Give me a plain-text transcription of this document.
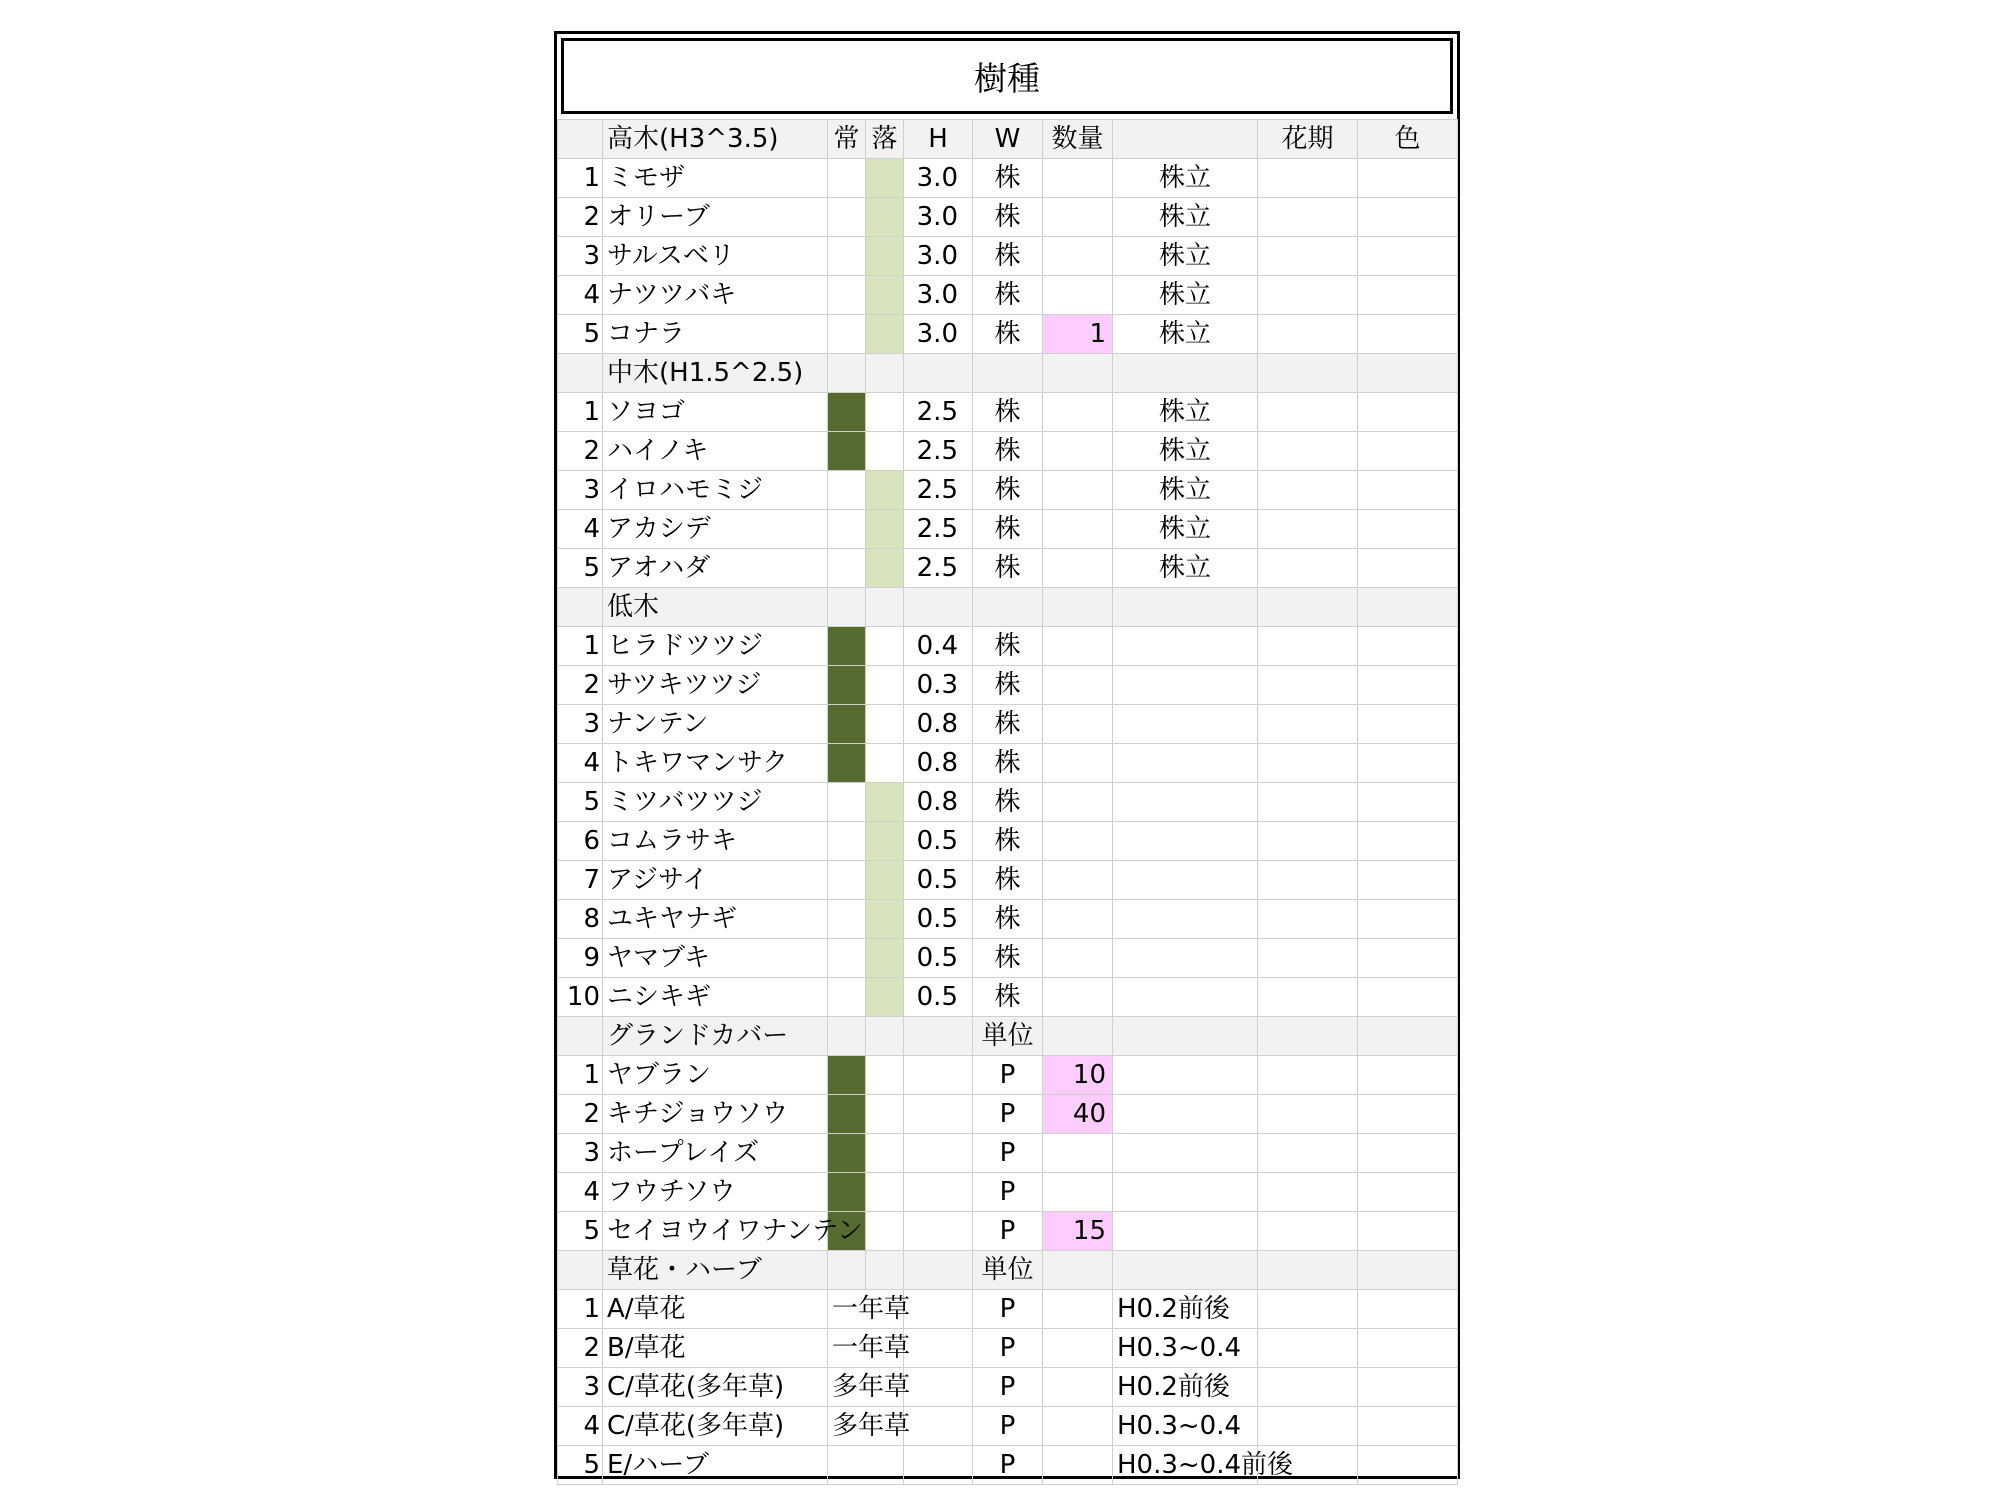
樹種
	高木(H3^3.5)	常	落	H	W	数量		花期	色
1	ミモザ			3.0	株		株立		
2	オリーブ			3.0	株		株立		
3	サルスベリ			3.0	株		株立		
4	ナツツバキ			3.0	株		株立		
5	コナラ			3.0	株	1	株立		
	中木(H1.5^2.5)								
1	ソヨゴ			2.5	株		株立		
2	ハイノキ			2.5	株		株立		
3	イロハモミジ			2.5	株		株立		
4	アカシデ			2.5	株		株立		
5	アオハダ			2.5	株		株立		
	低木								
1	ヒラドツツジ			0.4	株				
2	サツキツツジ			0.3	株				
3	ナンテン			0.8	株				
4	トキワマンサク			0.8	株				
5	ミツバツツジ			0.8	株				
6	コムラサキ			0.5	株				
7	アジサイ			0.5	株				
8	ユキヤナギ			0.5	株				
9	ヤマブキ			0.5	株				
10	ニシキギ			0.5	株				
	グランドカバー				単位				
1	ヤブラン				P	10			
2	キチジョウソウ				P	40			
3	ホープレイズ				P				
4	フウチソウ				P				
5	セイヨウイワナンテン				P	15			
	草花・ハーブ				単位				
1	A/草花	一年草			P		H0.2前後		
2	B/草花	一年草			P		H0.3~0.4		
3	C/草花(多年草)	多年草			P		H0.2前後		
4	C/草花(多年草)	多年草			P		H0.3~0.4		
5	E/ハーブ				P		H0.3~0.4前後		
